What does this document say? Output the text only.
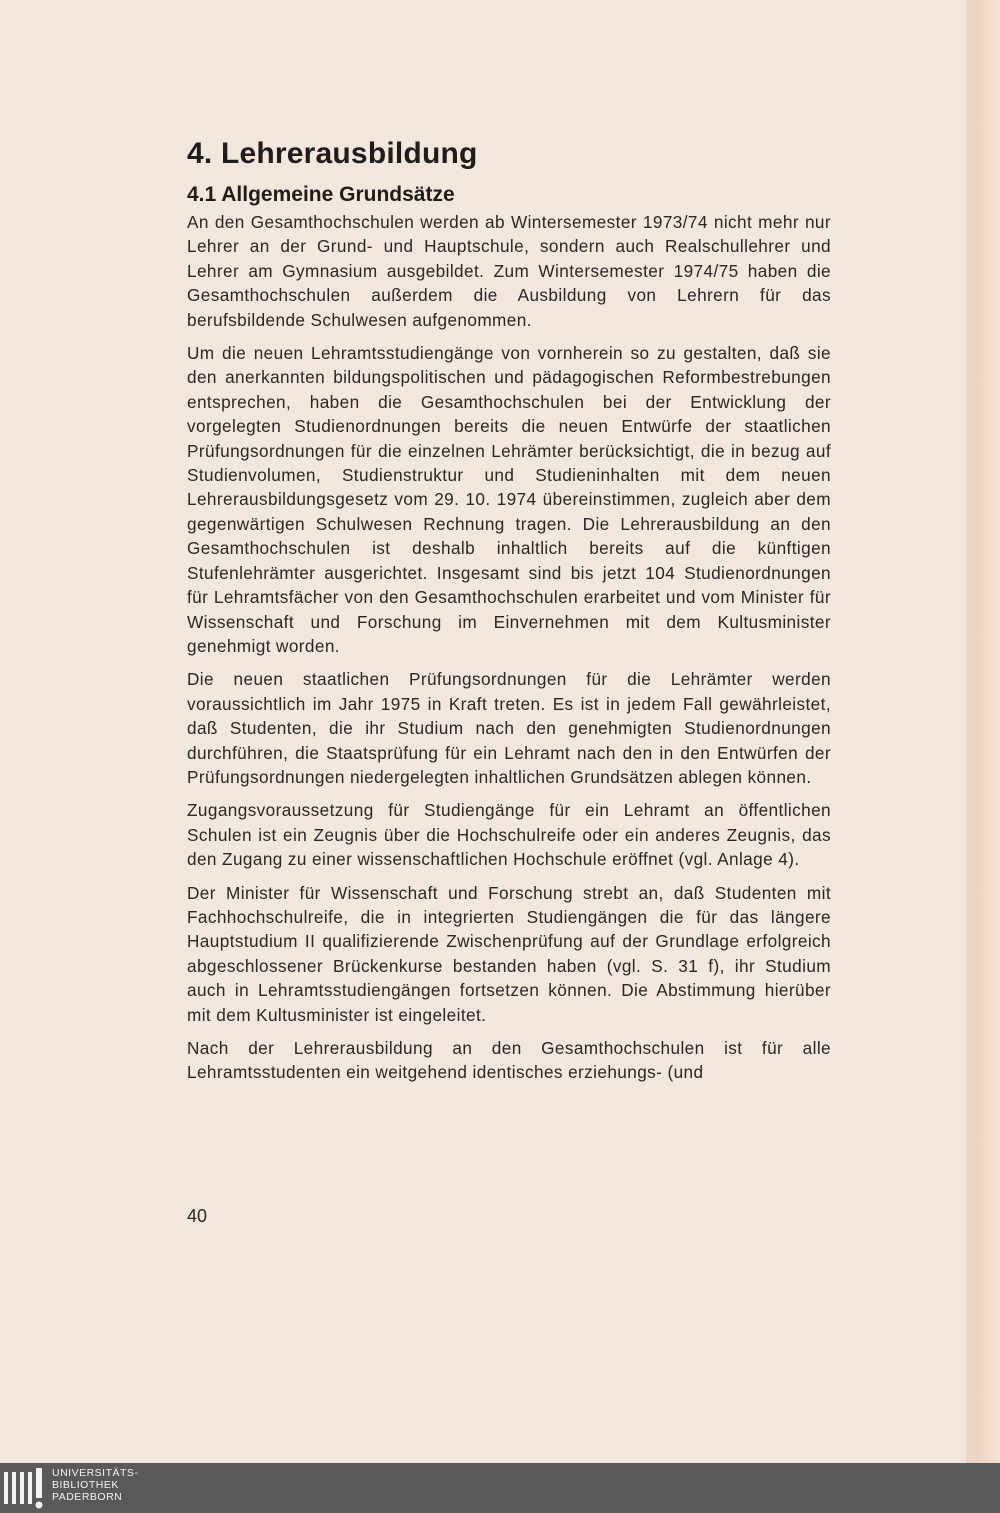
4. Lehrerausbildung
4.1 Allgemeine Grundsätze

An den Gesamthochschulen werden ab Wintersemester 1973/74 nicht mehr nur Lehrer an der Grund- und Hauptschule, sondern auch Realschullehrer und Lehrer am Gymnasium ausgebildet. Zum Wintersemester 1974/75 haben die Gesamthochschulen außerdem die Ausbildung von Lehrern für das berufsbildende Schulwesen aufgenommen.

Um die neuen Lehramtsstudiengänge von vornherein so zu gestalten, daß sie den anerkannten bildungspolitischen und pädagogischen Reformbestrebungen entsprechen, haben die Gesamthochschulen bei der Entwicklung der vorgelegten Studienordnungen bereits die neuen Entwürfe der staatlichen Prüfungsordnungen für die einzelnen Lehrämter berücksichtigt, die in bezug auf Studienvolumen, Studienstruktur und Studieninhalten mit dem neuen Lehrerausbildungsgesetz vom 29. 10. 1974 übereinstimmen, zugleich aber dem gegenwärtigen Schulwesen Rechnung tragen. Die Lehrerausbildung an den Gesamthochschulen ist deshalb inhaltlich bereits auf die künftigen Stufenlehrämter ausgerichtet. Insgesamt sind bis jetzt 104 Studienordnungen für Lehramtsfächer von den Gesamthochschulen erarbeitet und vom Minister für Wissenschaft und Forschung im Einvernehmen mit dem Kultusminister genehmigt worden.

Die neuen staatlichen Prüfungsordnungen für die Lehrämter werden voraussichtlich im Jahr 1975 in Kraft treten. Es ist in jedem Fall gewährleistet, daß Studenten, die ihr Studium nach den genehmigten Studienordnungen durchführen, die Staatsprüfung für ein Lehramt nach den in den Entwürfen der Prüfungsordnungen niedergelegten inhaltlichen Grundsätzen ablegen können.

Zugangsvoraussetzung für Studiengänge für ein Lehramt an öffentlichen Schulen ist ein Zeugnis über die Hochschulreife oder ein anderes Zeugnis, das den Zugang zu einer wissenschaftlichen Hochschule eröffnet (vgl. Anlage 4).

Der Minister für Wissenschaft und Forschung strebt an, daß Studenten mit Fachhochschulreife, die in integrierten Studiengängen die für das längere Hauptstudium II qualifizierende Zwischenprüfung auf der Grundlage erfolgreich abgeschlossener Brückenkurse bestanden haben (vgl. S. 31 f), ihr Studium auch in Lehramtsstudiengängen fortsetzen können. Die Abstimmung hierüber mit dem Kultusminister ist eingeleitet.

Nach der Lehrerausbildung an den Gesamthochschulen ist für alle Lehramtsstudenten ein weitgehend identisches erziehungs- (und

40
UNIVERSITÄTS-
BIBLIOTHEK
PADERBORN
